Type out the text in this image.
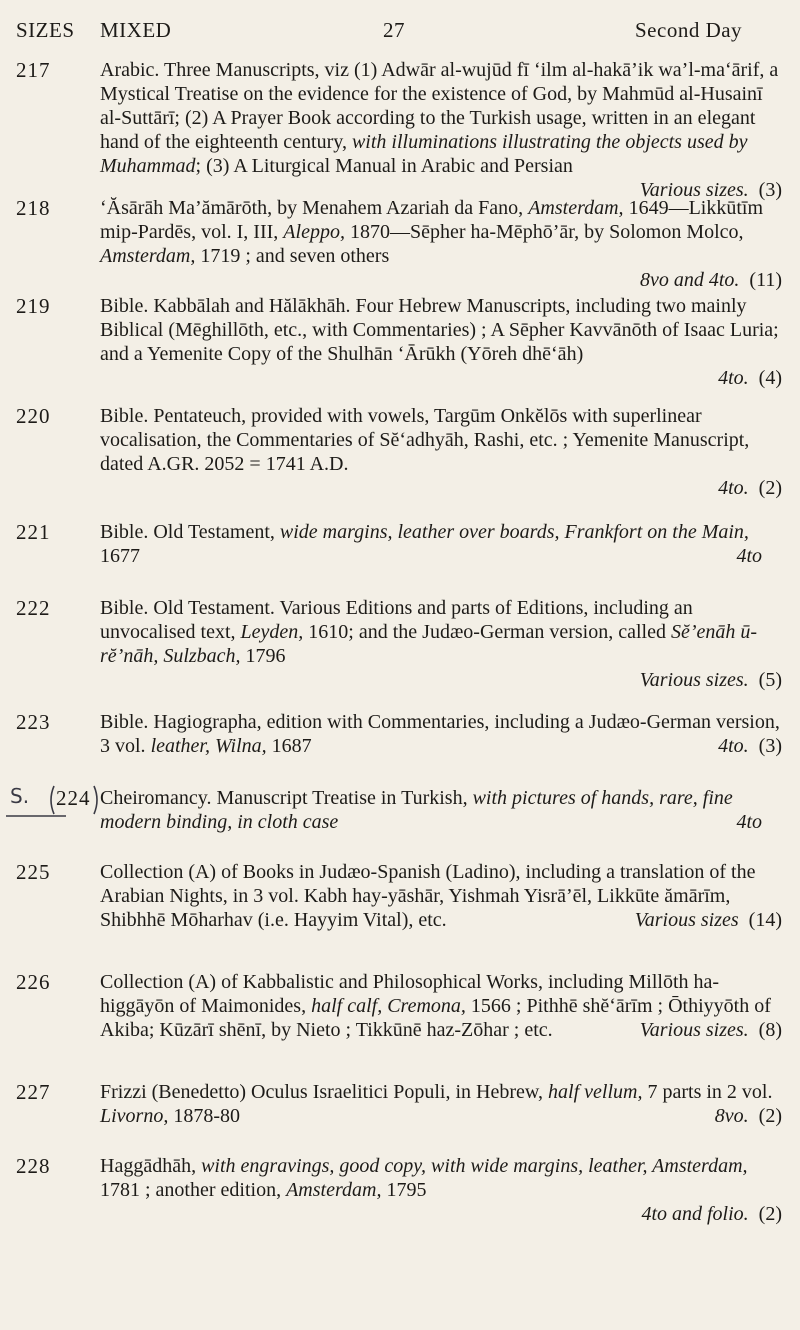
SIZES MIXED	27	Second Day
217	Arabic. Three Manuscripts, viz (1) Adwār al-wujūd fī ‘ilm al-hakā’ik wa’l-ma‘ārif, a Mystical Treatise on the evidence for the existence of God, by Mahmūd al-Husainī al-Suttārī; (2) A Prayer Book according to the Turkish usage, written in an elegant hand of the eighteenth century, with illuminations illustrating the objects used by Muhammad; (3) A Liturgical Manual in Arabic and Persian
Various sizes. (3)
218	‘Ăsārāh Ma’ămārōth, by Menahem Azariah da Fano, Amsterdam, 1649––Likkūtīm mip-Pardēs, vol. I, III, Aleppo, 1870—Sēpher ha-Mēphō’ār, by Solomon Molco, Amsterdam, 1719 ; and seven others
8vo and 4to. (11)
219	Bible. Kabbālah and Hălākhāh. Four Hebrew Manuscripts, including two mainly Biblical (Mēghillōth, etc., with Commentaries) ; A Sēpher Kavvānōth of Isaac Luria; and a Yemenite Copy of the Shulhān ‘Ārūkh (Yōreh dhē‘āh)
4to. (4)
220	Bible. Pentateuch, provided with vowels, Targūm Onkĕlōs with superlinear vocalisation, the Commentaries of Sĕ‘adhyāh, Rashi, etc. ; Yemenite Manuscript, dated A.GR. 2052 = 1741 A.D.
4to. (2)
221	Bible. Old Testament, wide margins, leather over boards, Frankfort on the Main, 1677	4to
222	Bible. Old Testament. Various Editions and parts of Editions, including an unvocalised text, Leyden, 1610; and the Judæo-German version, called Sĕ’enāh ū-rĕ’nāh, Sulzbach, 1796
Various sizes. (5)
223	Bible. Hagiographa, edition with Commentaries, including a Judæo-German version, 3 vol. leather, Wilna, 1687	4to. (3)
S. 224 Cheiromancy. Manuscript Treatise in Turkish, with pictures of hands, rare, fine modern binding, in cloth case	4to
225	Collection (A) of Books in Judæo-Spanish (Ladino), including a translation of the Arabian Nights, in 3 vol. Kabh hay-yāshār, Yishmah Yisrā’ēl, Likkūte ămārīm, Shibhhē Mōharhav (i.e. Hayyim Vital), etc.	Various sizes (14)
226	Collection (A) of Kabbalistic and Philosophical Works, including Millōth ha-higgāyōn of Maimonides, half calf, Cremona, 1566 ; Pithhē shĕ‘ārīm ; Ōthiyyōth of Akiba; Kūzārī shēnī, by Nieto ; Tikkūnē haz-Zōhar ; etc.	Various sizes. (8)
227	Frizzi (Benedetto) Oculus Israelitici Populi, in Hebrew, half vellum, 7 parts in 2 vol. Livorno, 1878-80	8vo. (2)
228	Haggādhāh, with engravings, good copy, with wide margins, leather, Amsterdam, 1781 ; another edition, Amsterdam, 1795
4to and folio. (2)
